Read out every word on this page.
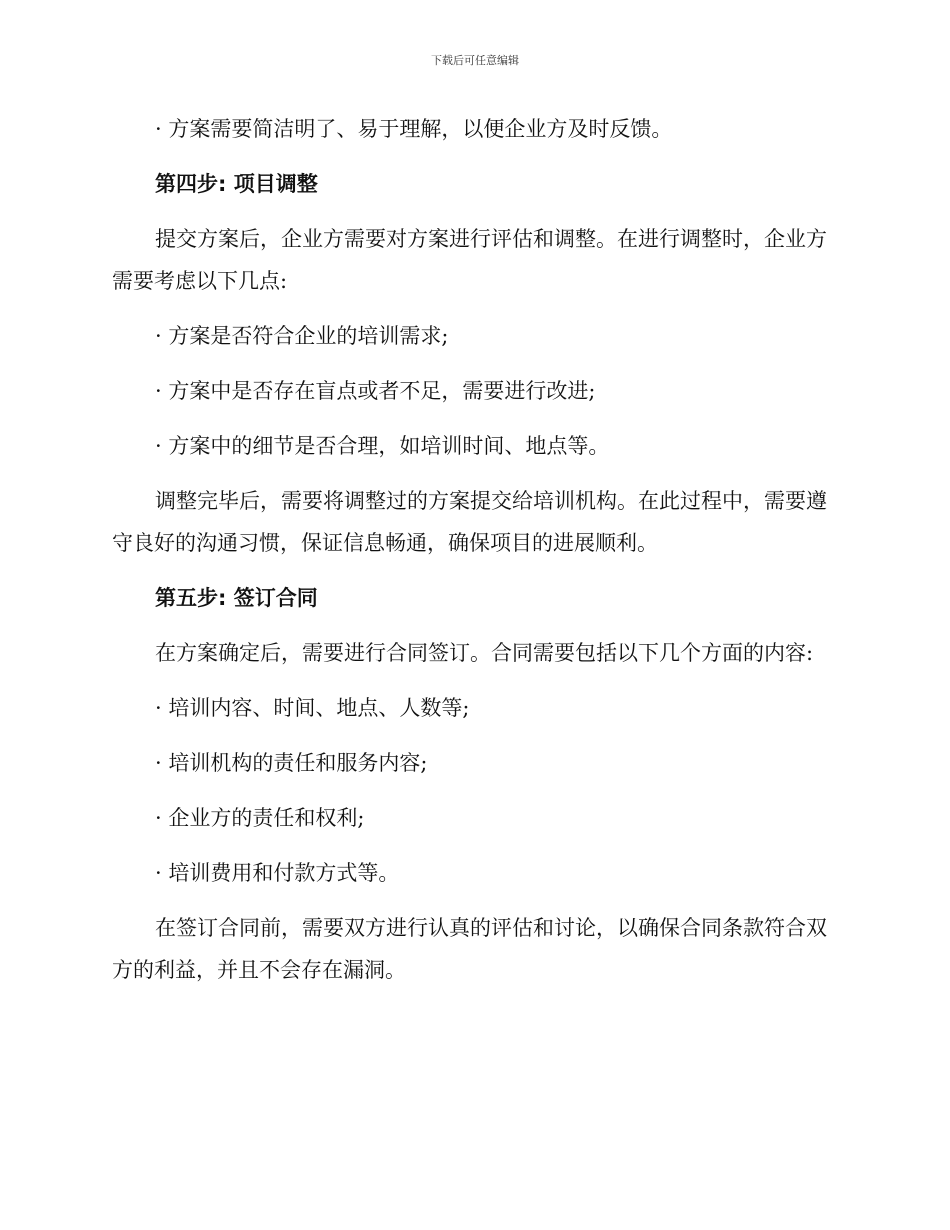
下载后可任意编辑

· 方案需要简洁明了、易于理解，以便企业方及时反馈。

第四步: 项目调整

提交方案后，企业方需要对方案进行评估和调整。在进行调整时，企业方需要考虑以下几点:

· 方案是否符合企业的培训需求;

· 方案中是否存在盲点或者不足，需要进行改进;

· 方案中的细节是否合理，如培训时间、地点等。

调整完毕后，需要将调整过的方案提交给培训机构。在此过程中，需要遵守良好的沟通习惯，保证信息畅通，确保项目的进展顺利。

第五步: 签订合同

在方案确定后，需要进行合同签订。合同需要包括以下几个方面的内容:

· 培训内容、时间、地点、人数等;

· 培训机构的责任和服务内容;

· 企业方的责任和权利;

· 培训费用和付款方式等。

在签订合同前，需要双方进行认真的评估和讨论，以确保合同条款符合双方的利益，并且不会存在漏洞。
